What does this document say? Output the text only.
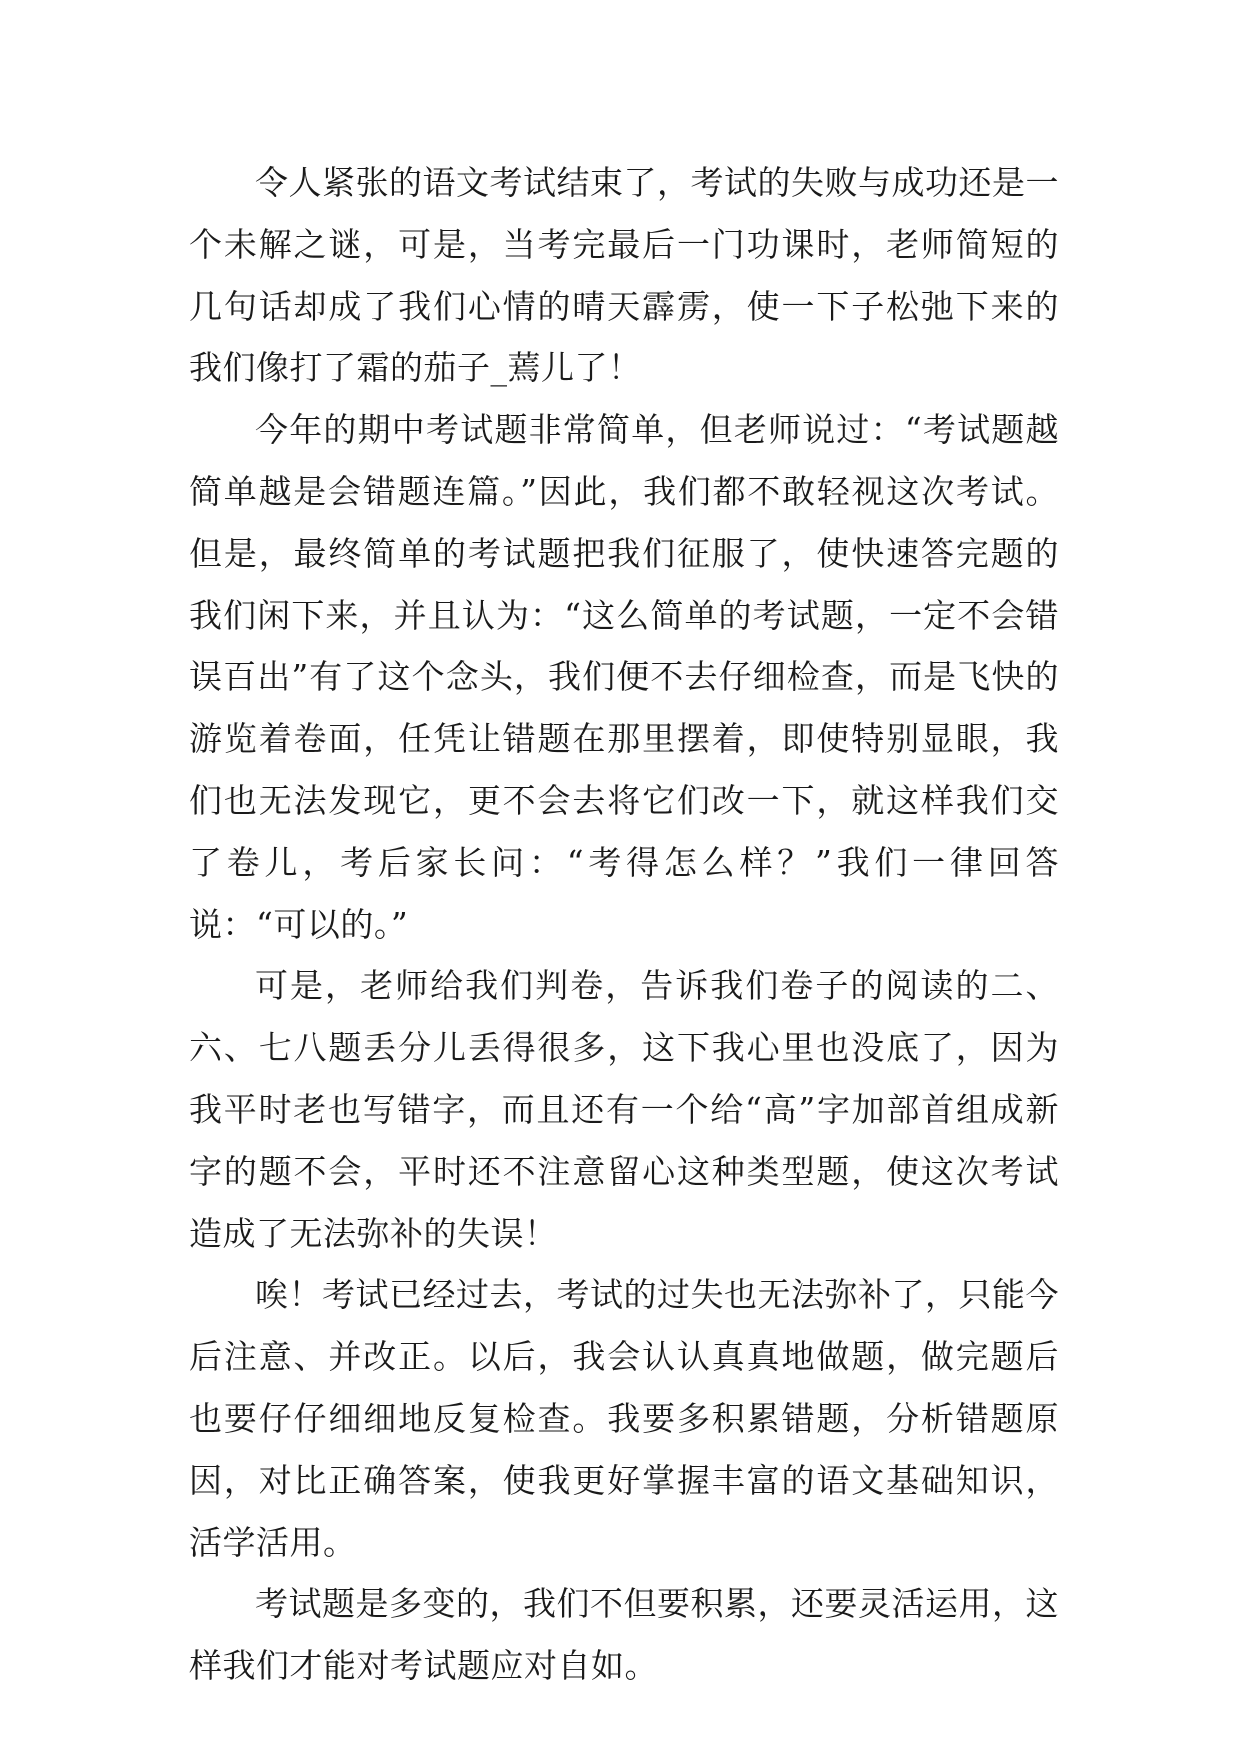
令人紧张的语文考试结束了，考试的失败与成功还是一个未解之谜，可是，当考完最后一门功课时，老师简短的几句话却成了我们心情的晴天霹雳，使一下子松弛下来的我们像打了霜的茄子_蔫儿了！

今年的期中考试题非常简单，但老师说过：“考试题越简单越是会错题连篇。”因此，我们都不敢轻视这次考试。但是，最终简单的考试题把我们征服了，使快速答完题的我们闲下来，并且认为：“这么简单的考试题，一定不会错误百出”有了这个念头，我们便不去仔细检查，而是飞快的游览着卷面，任凭让错题在那里摆着，即使特别显眼，我们也无法发现它，更不会去将它们改一下，就这样我们交了卷儿，考后家长问：“考得怎么样？”我们一律回答说：“可以的。”

可是，老师给我们判卷，告诉我们卷子的阅读的二、六、七八题丢分儿丢得很多，这下我心里也没底了，因为我平时老也写错字，而且还有一个给“高”字加部首组成新字的题不会，平时还不注意留心这种类型题，使这次考试造成了无法弥补的失误！

唉！考试已经过去，考试的过失也无法弥补了，只能今后注意、并改正。以后，我会认认真真地做题，做完题后也要仔仔细细地反复检查。我要多积累错题，分析错题原因，对比正确答案，使我更好掌握丰富的语文基础知识，活学活用。

考试题是多变的，我们不但要积累，还要灵活运用，这样我们才能对考试题应对自如。
